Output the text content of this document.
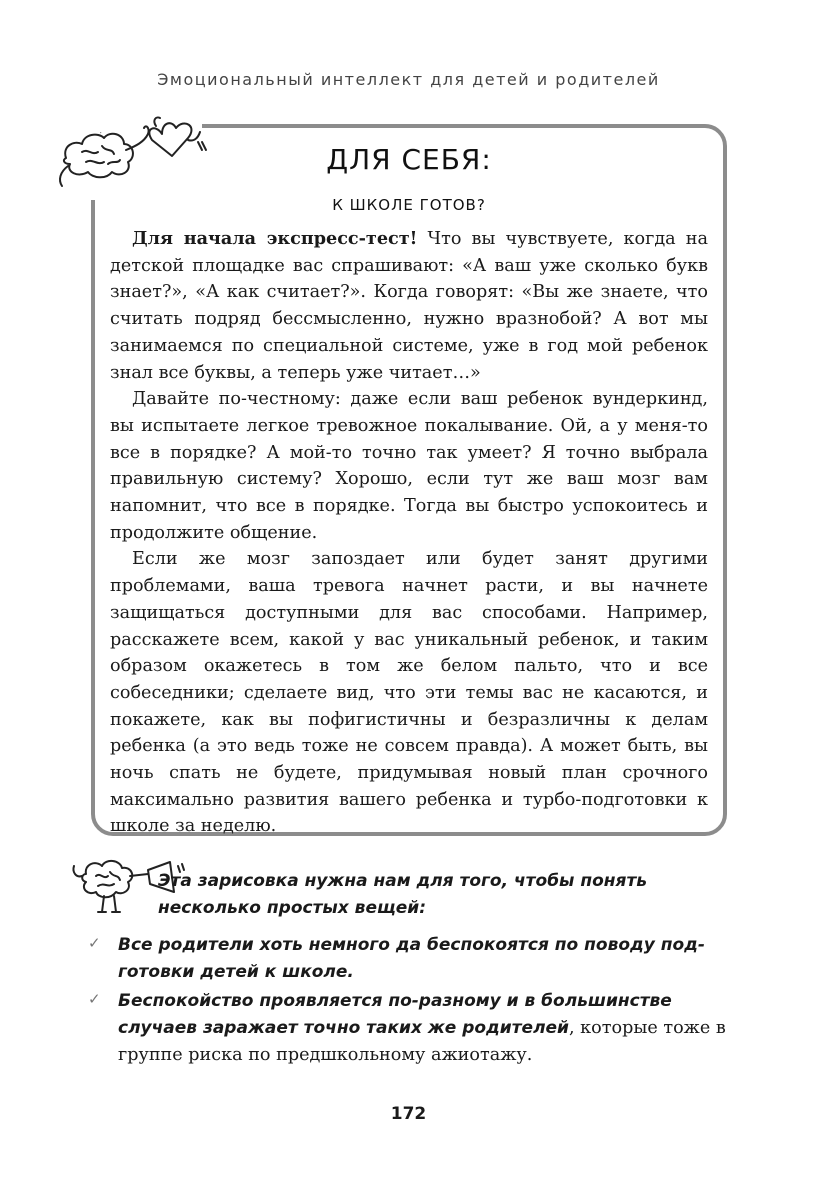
Эмоциональный интеллект для детей и родителей
ДЛЯ СЕБЯ:
К ШКОЛЕ ГОТОВ?

Для начала экспресс-тест! Что вы чувствуете, когда на детской площадке вас спрашивают: «А ваш уже сколько букв знает?», «А как считает?». Когда говорят: «Вы же знаете, что считать подряд бессмысленно, нужно вразнобой? А вот мы занимаемся по специальной системе, уже в год мой ребенок знал все буквы, а теперь уже читает…»

Давайте по-честному: даже если ваш ребенок вундеркинд, вы испытаете легкое тревожное покалывание. Ой, а у меня-то все в порядке? А мой-то точно так умеет? Я точно выбрала правильную систему? Хорошо, если тут же ваш мозг вам напомнит, что все в порядке. Тогда вы быстро успокоитесь и продолжите общение.

Если же мозг запоздает или будет занят другими проблемами, ваша тревога начнет расти, и вы начнете защищаться доступными для вас способами. Например, расскажете всем, какой у вас уникальный ребенок, и таким образом окажетесь в том же белом пальто, что и все собеседники; сделаете вид, что эти темы вас не касаются, и покажете, как вы пофигистичны и безразличны к делам ребенка (а это ведь тоже не совсем правда). А может быть, вы ночь спать не будете, придумывая новый план срочного максимально развития вашего ребенка и турбо-подготовки к школе за неделю.

Эта зарисовка нужна нам для того, чтобы понять несколько простых вещей:
✓ Все родители хоть немного да беспокоятся по поводу подготовки детей к школе.
✓ Беспокойство проявляется по-разному и в большинстве случаев заражает точно таких же родителей, которые тоже в группе риска по предшкольному ажиотажу.
172
